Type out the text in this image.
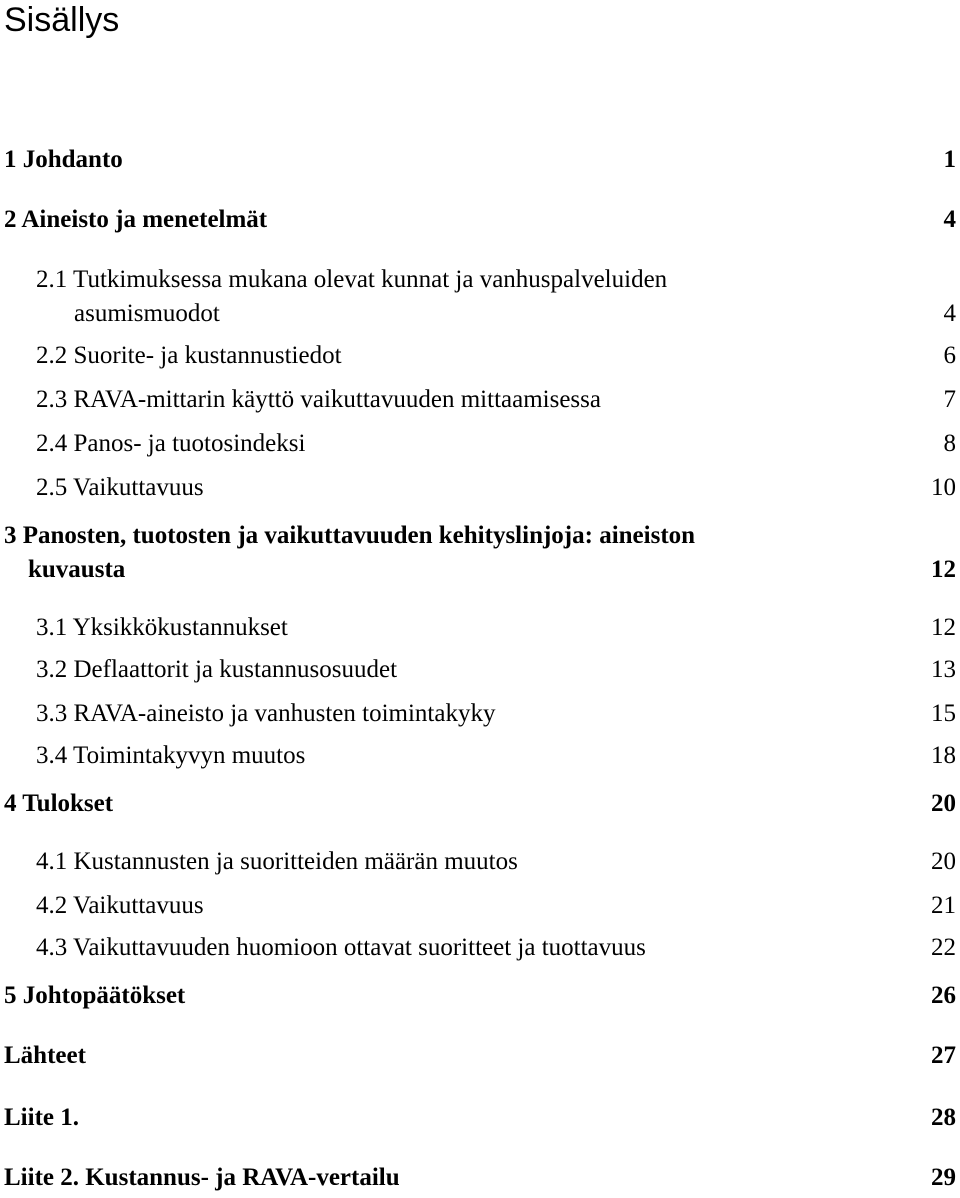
Sisällys
1 Johdanto	1
2 Aineisto ja menetelmät	4
2.1 Tutkimuksessa mukana olevat kunnat ja vanhuspalveluiden
asumismuodot	4
2.2 Suorite- ja kustannustiedot	6
2.3 RAVA-mittarin käyttö vaikuttavuuden mittaamisessa	7
2.4 Panos- ja tuotosindeksi	8
2.5 Vaikuttavuus	10
3 Panosten, tuotosten ja vaikuttavuuden kehityslinjoja: aineiston
kuvausta	12
3.1 Yksikkökustannukset	12
3.2 Deflaattorit ja kustannusosuudet	13
3.3 RAVA-aineisto ja vanhusten toimintakyky	15
3.4 Toimintakyvyn muutos	18
4 Tulokset	20
4.1 Kustannusten ja suoritteiden määrän muutos	20
4.2 Vaikuttavuus	21
4.3 Vaikuttavuuden huomioon ottavat suoritteet ja tuottavuus	22
5 Johtopäätökset	26
Lähteet	27
Liite 1.	28
Liite 2. Kustannus- ja RAVA-vertailu	29
